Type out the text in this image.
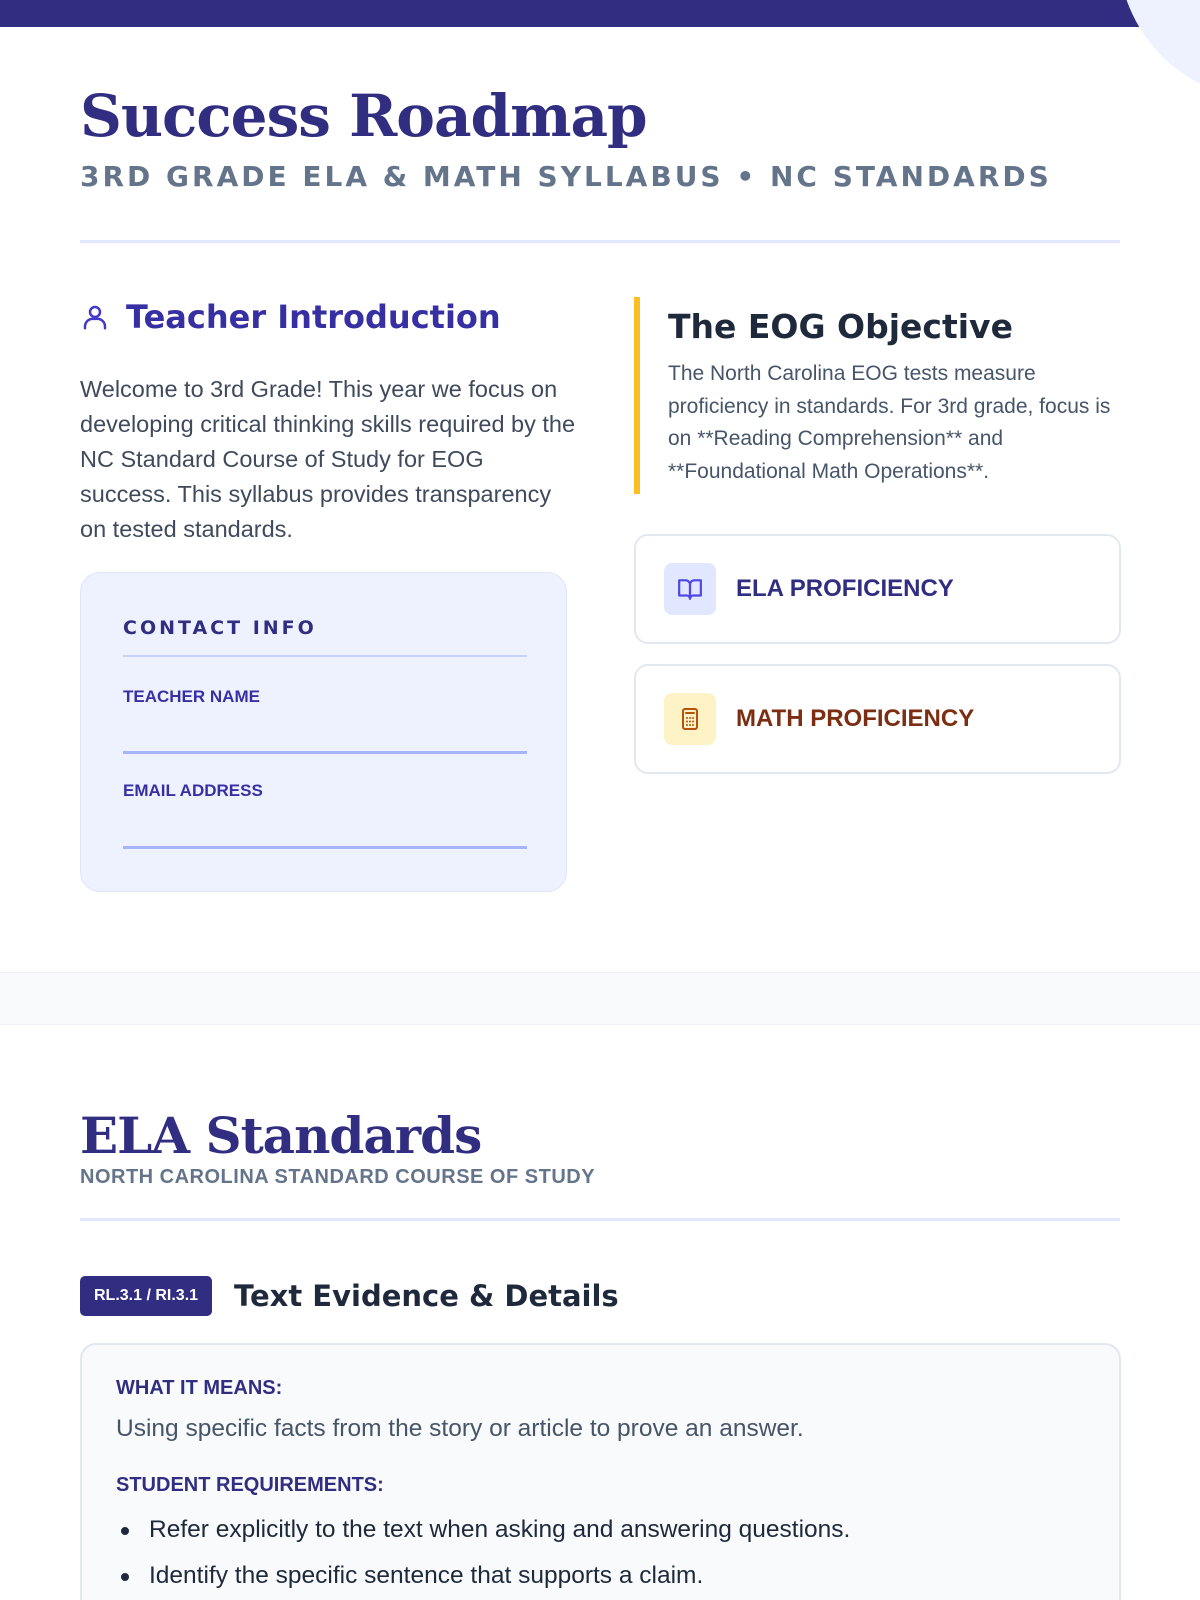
Success Roadmap
3RD GRADE ELA & MATH SYLLABUS • NC STANDARDS
Teacher Introduction

Welcome to 3rd Grade! This year we focus on developing critical thinking skills required by the NC Standard Course of Study for EOG success. This syllabus provides transparency on tested standards.

CONTACT INFO
TEACHER NAME
EMAIL ADDRESS
The EOG Objective

The North Carolina EOG tests measure proficiency in standards. For 3rd grade, focus is on **Reading Comprehension** and **Foundational Math Operations**.

ELA PROFICIENCY
MATH PROFICIENCY
ELA Standards
NORTH CAROLINA STANDARD COURSE OF STUDY
RL.3.1 / RI.3.1	Text Evidence & Details
WHAT IT MEANS:
Using specific facts from the story or article to prove an answer.
STUDENT REQUIREMENTS:
Refer explicitly to the text when asking and answering questions.
Identify the specific sentence that supports a claim.
